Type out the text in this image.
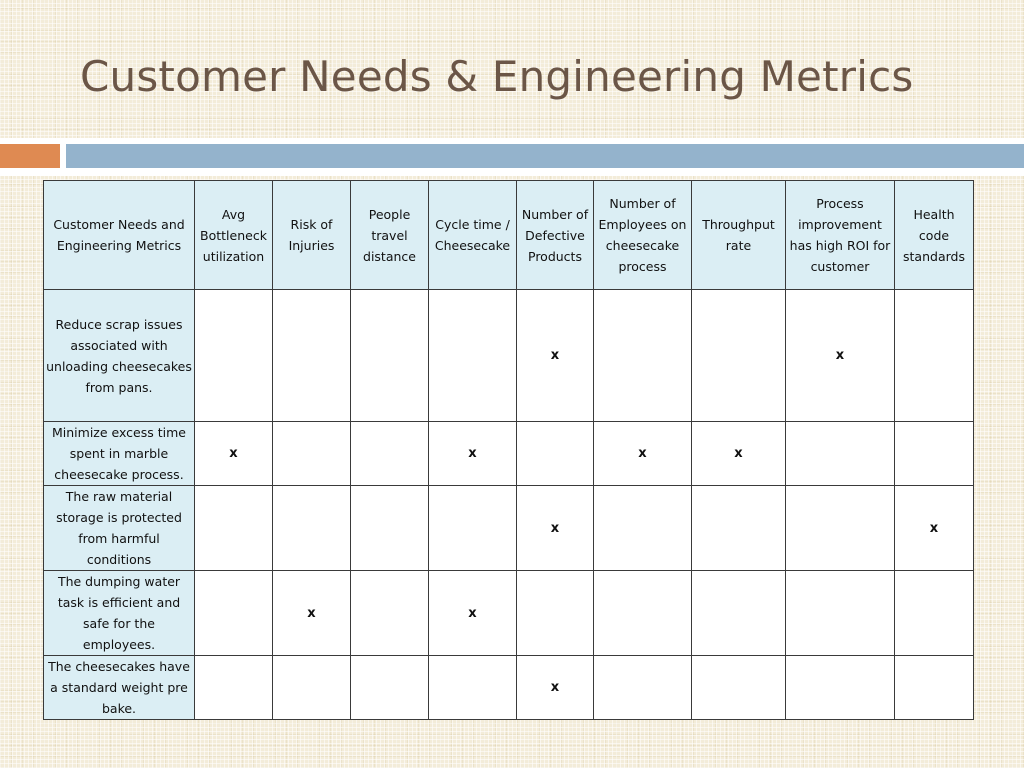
Customer Needs & Engineering Metrics
Customer Needs and Engineering Metrics	Avg Bottleneck utilization	Risk of Injuries	People travel distance	Cycle time / Cheesecake	Number of Defective Products	Number of Employees on cheesecake process	Throughput rate	Process improvement has high ROI for customer	Health code standards
Reduce scrap issues associated with unloading cheesecakes from pans.					x			x	
Minimize excess time spent in marble cheesecake process.	x			x		x	x		
The raw material storage is protected from harmful conditions					x				x
The dumping water task is efficient and safe for the employees.		x		x					
The cheesecakes have a standard weight pre bake.					x				
